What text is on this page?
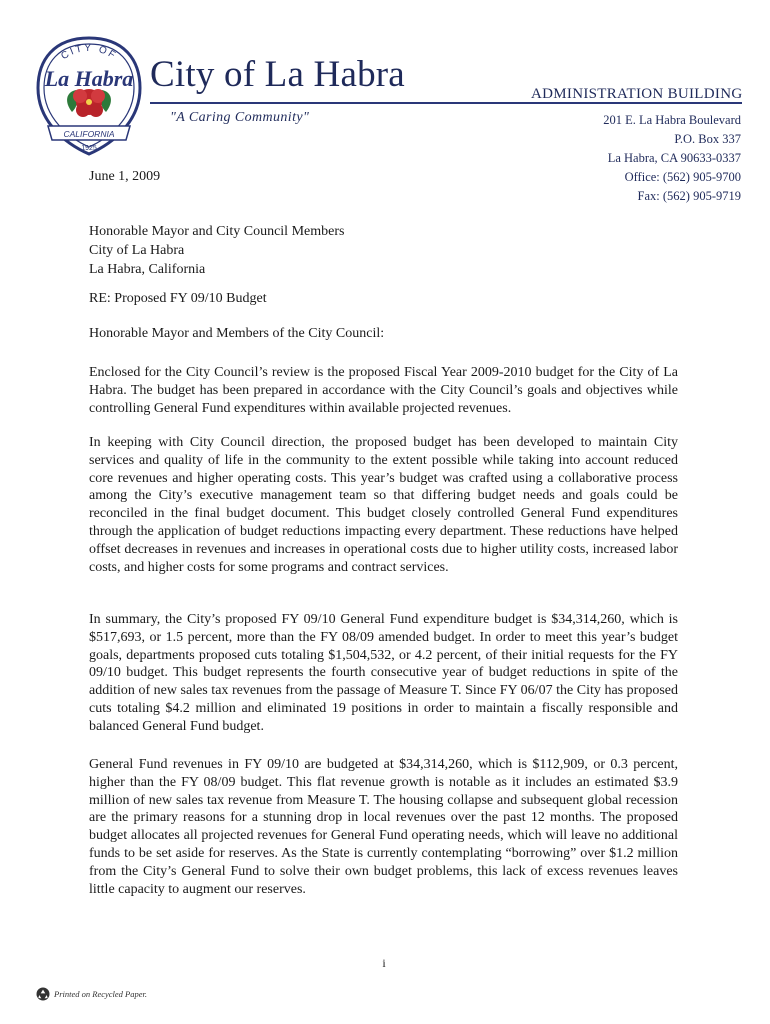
CITY OF
La Habra
CALIFORNIA
1925
City of La Habra	ADMINISTRATION BUILDING
"A Caring Community"	201 E. La Habra Boulevard
P.O. Box 337
La Habra, CA 90633-0337
Office: (562) 905-9700
Fax: (562) 905-9719
June 1, 2009
Honorable Mayor and City Council Members
City of La Habra
La Habra, California
RE: Proposed FY 09/10 Budget
Honorable Mayor and Members of the City Council:

Enclosed for the City Council’s review is the proposed Fiscal Year 2009-2010 budget for the City of La Habra. The budget has been prepared in accordance with the City Council’s goals and objectives while controlling General Fund expenditures within available projected revenues.

In keeping with City Council direction, the proposed budget has been developed to maintain City services and quality of life in the community to the extent possible while taking into account reduced core revenues and higher operating costs. This year’s budget was crafted using a collaborative process among the City’s executive management team so that differing budget needs and goals could be reconciled in the final budget document. This budget closely controlled General Fund expenditures through the application of budget reductions impacting every department. These reductions have helped offset decreases in revenues and increases in operational costs due to higher utility costs, increased labor costs, and higher costs for some programs and contract services.

In summary, the City’s proposed FY 09/10 General Fund expenditure budget is $34,314,260, which is $517,693, or 1.5 percent, more than the FY 08/09 amended budget. In order to meet this year’s budget goals, departments proposed cuts totaling $1,504,532, or 4.2 percent, of their initial requests for the FY 09/10 budget. This budget represents the fourth consecutive year of budget reductions in spite of the addition of new sales tax revenues from the passage of Measure T. Since FY 06/07 the City has proposed cuts totaling $4.2 million and eliminated 19 positions in order to maintain a fiscally responsible and balanced General Fund budget.

General Fund revenues in FY 09/10 are budgeted at $34,314,260, which is $112,909, or 0.3 percent, higher than the FY 08/09 budget. This flat revenue growth is notable as it includes an estimated $3.9 million of new sales tax revenue from Measure T. The housing collapse and subsequent global recession are the primary reasons for a stunning drop in local revenues over the past 12 months. The proposed budget allocates all projected revenues for General Fund operating needs, which will leave no additional funds to be set aside for reserves. As the State is currently contemplating “borrowing” over $1.2 million from the City’s General Fund to solve their own budget problems, this lack of excess revenues leaves little capacity to augment our reserves.

i
Printed on Recycled Paper.
